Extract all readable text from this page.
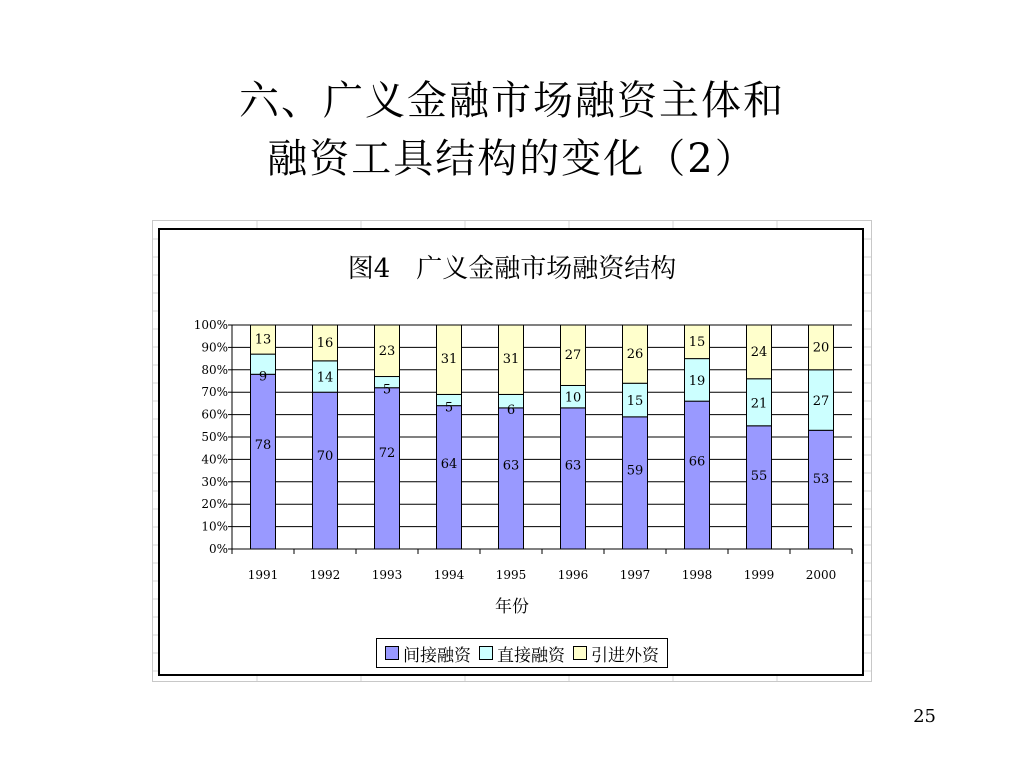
六、广义金融市场融资主体和
融资工具结构的变化（2）
图4　广义金融市场融资结构
0%
10%
20%
30%
40%
50%
60%
70%
80%
90%
100%
78
9
13
1991
70
14
16
1992
72
5
23
1993
64
5
31
1994
63
6
31
1995
63
10
27
1996
59
15
26
1997
66
19
15
1998
55
21
24
1999
53
27
20
2000
年份
间接融资 直接融资 引进外资
25
